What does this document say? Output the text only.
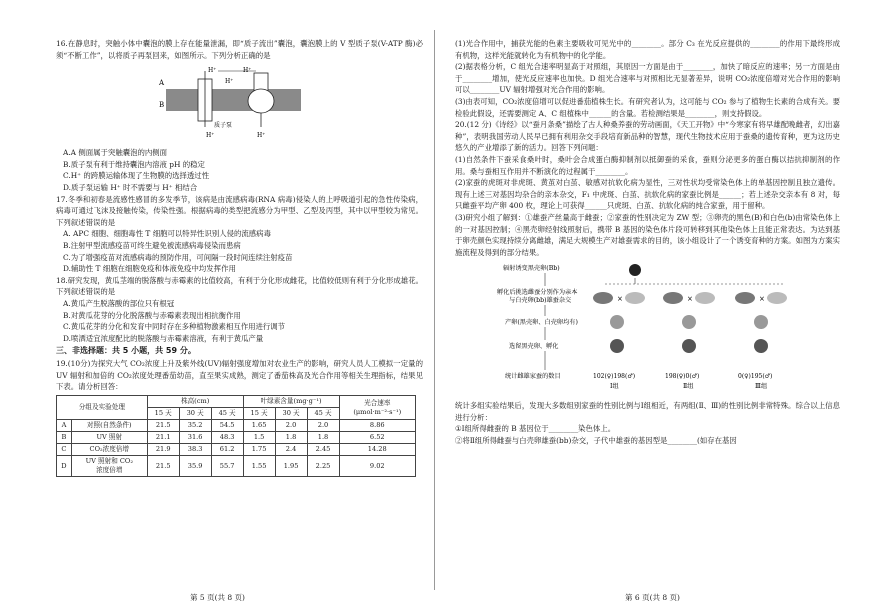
16.在静息时，突触小体中囊泡的膜上存在能量泄漏，即“质子流出”囊泡，囊泡膜上的 V 型质子泵(V-ATP 酶)必须“不断工作”，以将质子再泵回来，如图所示。下列分析正确的是

A
B
H⁺
H⁺
H⁺
H⁺	H⁺
质子泵

A.A 侧面属于突触囊泡的内侧面

B.质子泵有利于维持囊泡内溶液 pH 的稳定

C.H⁺ 的跨膜运输体现了生物膜的选择透过性

D.质子泵运输 H⁺ 时不需要与 H⁺ 相结合

17.冬季和初春是流感性感冒的多发季节，该病是由流感病毒(RNA 病毒)侵染人的上呼吸道引起的急性传染病，病毒可通过飞沫及接触传染，传染性强。根据病毒的类型把流感分为甲型、乙型及丙型，其中以甲型较为常见。下列叙述错误的是

A. APC 细胞、细胞毒性 T 细胞可以特异性识别人侵的流感病毒

B.注射甲型流感疫苗可终生避免被流感病毒侵染而患病

C.为了增强疫苗对流感病毒的预防作用，可间隔一段时间连续注射疫苗

D.辅助性 T 细胞在细胞免疫和体液免疫中均发挥作用

18.研究发现，黄瓜茎端的脱落酸与赤霉素的比值较高，有利于分化形成雌花，比值较低则有利于分化形成雄花。下列叙述错误的是

A.黄瓜产生脱落酸的部位只有根冠

B.对黄瓜花芽的分化脱落酸与赤霉素表现出相抗衡作用

C.黄瓜花芽的分化和发育中同时存在多种植物激素相互作用进行调节

D.喷洒适宜浓度配比的脱落酸与赤霉素溶液，有利于黄瓜产量

三、非选择题：共 5 小题，共 59 分。

19.(10分)为探究大气 CO₂浓度上升及紫外线(UV)辐射强度增加对农业生产的影响，研究人员人工模拟一定量的 UV 辐射和加倍的 CO₂浓度处理番茄幼苗，直至果实成熟，测定了番茄株高及光合作用等相关生理指标，结果见下表。请分析回答：

分组及实验处理		株高(cm)			叶绿素含量(mg·g⁻¹)			光合速率
(μmol·m⁻²·s⁻¹)
		15 天	30 天	45 天	15 天	30 天	45 天	
A	对照(自然条件)	21.5	35.2	54.5	1.65	2.0	2.0	8.86
B	UV 照射	21.1	31.6	48.3	1.5	1.8	1.8	6.52
C	CO₂浓度倍增	21.9	38.3	61.2	1.75	2.4	2.45	14.28
D	UV 照射和 CO₂
浓度倍增	21.5	35.9	55.7	1.55	1.95	2.25	9.02
第 5 页(共 8 页)

(1)光合作用中，捕获光能的色素主要吸收可见光中的________。部分 C₃ 在光反应提供的________的作用下最终形成有机物，这样光能就转化为有机物中的化学能。

(2)据表格分析，C 组光合速率明显高于对照组，其原因一方面是由于________，加快了暗反应的速率；另一方面是由于________增加，使光反应速率也加快。D 组光合速率与对照相比无显著差异，说明 CO₂浓度倍增对光合作用的影响可以________UV 辐射增强对光合作用的影响。

(3)由表可知，CO₂浓度倍增可以促进番茄植株生长。有研究者认为，这可能与 CO₂ 参与了植物生长素的合成有关。要检验此假设，还需要测定 A、C 组植株中______的含量。若检测结果是________，则支持假设。

20.(12 分)《诗经》以“蚕月条桑”描绘了古人种桑养蚕的劳动画面，《天工开物》中“今寒家有将早雄配晚雌者，幻出嘉种”，表明我国劳动人民早已拥有利用杂交手段培育新品种的智慧，现代生物技术应用于蚕桑的遗传育种，更为这历史悠久的产业增添了新的活力。回答下列问题：

(1)自然条件下蚕采食桑叶时，桑叶会合成蛋白酶抑制剂以抵御蚕的采食，蚕则分泌更多的蛋白酶以拮抗抑制剂的作用。桑与蚕相互作用并不断演化的过程属于________。

(2)家蚕的虎斑对非虎斑、黄茧对白茧、敏感对抗软化病为显性，三对性状均受常染色体上的单基因控制且独立遗传。现有上述三对基因均杂合的亲本杂交，F₁ 中虎斑、白茧、抗软化病的家蚕比例是______；若上述杂交亲本有 8 对，每只雌蚕平均产卵 400 枚，理论上可获得______只虎斑、白茧、抗软化病的纯合家蚕，用于留种。

(3)研究小组了解到：①雄蚕产丝量高于雌蚕；②家蚕的性别决定为 ZW 型；③卵壳的黑色(B)和白色(b)由常染色体上的一对基因控制；④黑壳卵经射线照射后，携带 B 基因的染色体片段可转移到其他染色体上且能正常表达。为达到基于卵壳颜色实现持续分离雌雄，满足大规模生产对雄蚕需求的目的，该小组设计了一个诱变育种的方案。如图为方案实施流程及得到的部分结果。

辐射诱变黑壳卵(Bb)
孵化后挑选雌蚕分别作为亲本
与白壳卵(bb)雄蚕杂交
产卵(黑壳卵、白壳卵均有)
选留黑壳卵、孵化
统计雌雄家蚕的数目
×
102(♀)198(♂)
Ⅰ组
×
198(♀)0(♂)
Ⅱ组
×
0(♀)195(♂)
Ⅲ组

统计多组实验结果后，发现大多数组别家蚕的性别比例与Ⅰ组相近，有两组(Ⅱ、Ⅲ)的性别比例非常特殊。综合以上信息进行分析：

①Ⅰ组所得雌蚕的 B 基因位于________染色体上。

②将Ⅱ组所得雌蚕与白壳卵雄蚕(bb)杂交，子代中雄蚕的基因型是________(如存在基因

第 6 页(共 8 页)
